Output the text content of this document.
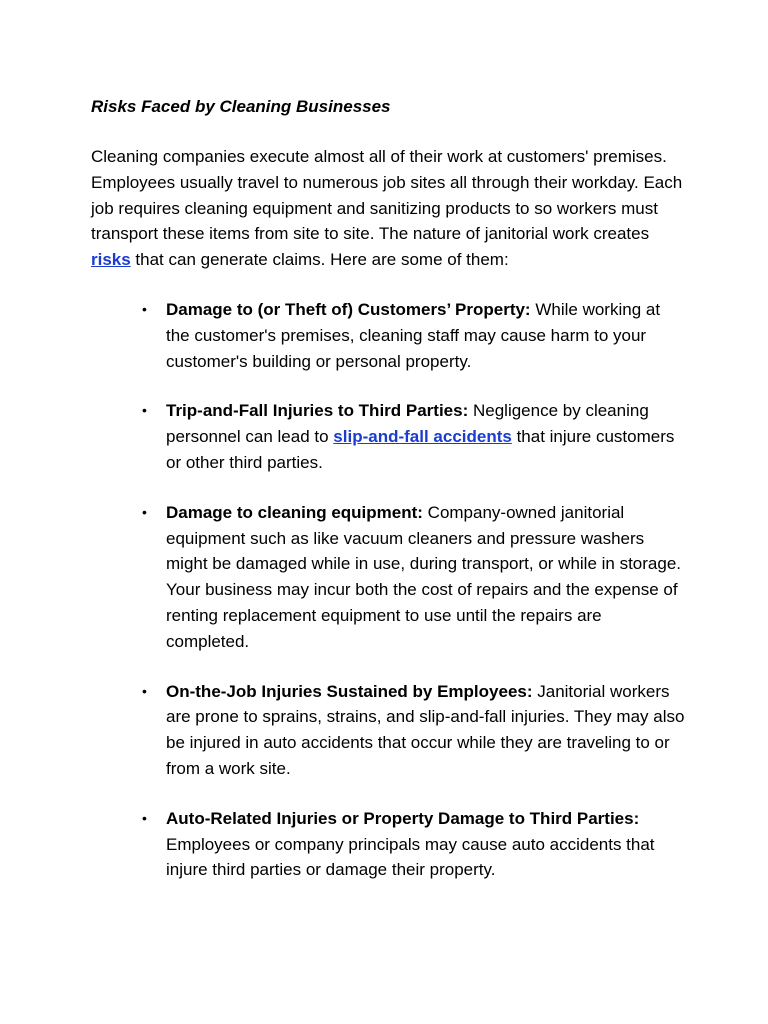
Risks Faced by Cleaning Businesses

Cleaning companies execute almost all of their work at customers' premises. Employees usually travel to numerous job sites all through their workday. Each job requires cleaning equipment and sanitizing products to so workers must transport these items from site to site. The nature of janitorial work creates risks that can generate claims. Here are some of them:

• Damage to (or Theft of) Customers’ Property: While working at the customer's premises, cleaning staff may cause harm to your customer's building or personal property.
• Trip-and-Fall Injuries to Third Parties: Negligence by cleaning personnel can lead to slip-and-fall accidents that injure customers or other third parties.
• Damage to cleaning equipment: Company-owned janitorial equipment such as like vacuum cleaners and pressure washers might be damaged while in use, during transport, or while in storage. Your business may incur both the cost of repairs and the expense of renting replacement equipment to use until the repairs are completed.
• On-the-Job Injuries Sustained by Employees: Janitorial workers are prone to sprains, strains, and slip-and-fall injuries. They may also be injured in auto accidents that occur while they are traveling to or from a work site.
• Auto-Related Injuries or Property Damage to Third Parties: Employees or company principals may cause auto accidents that injure third parties or damage their property.
